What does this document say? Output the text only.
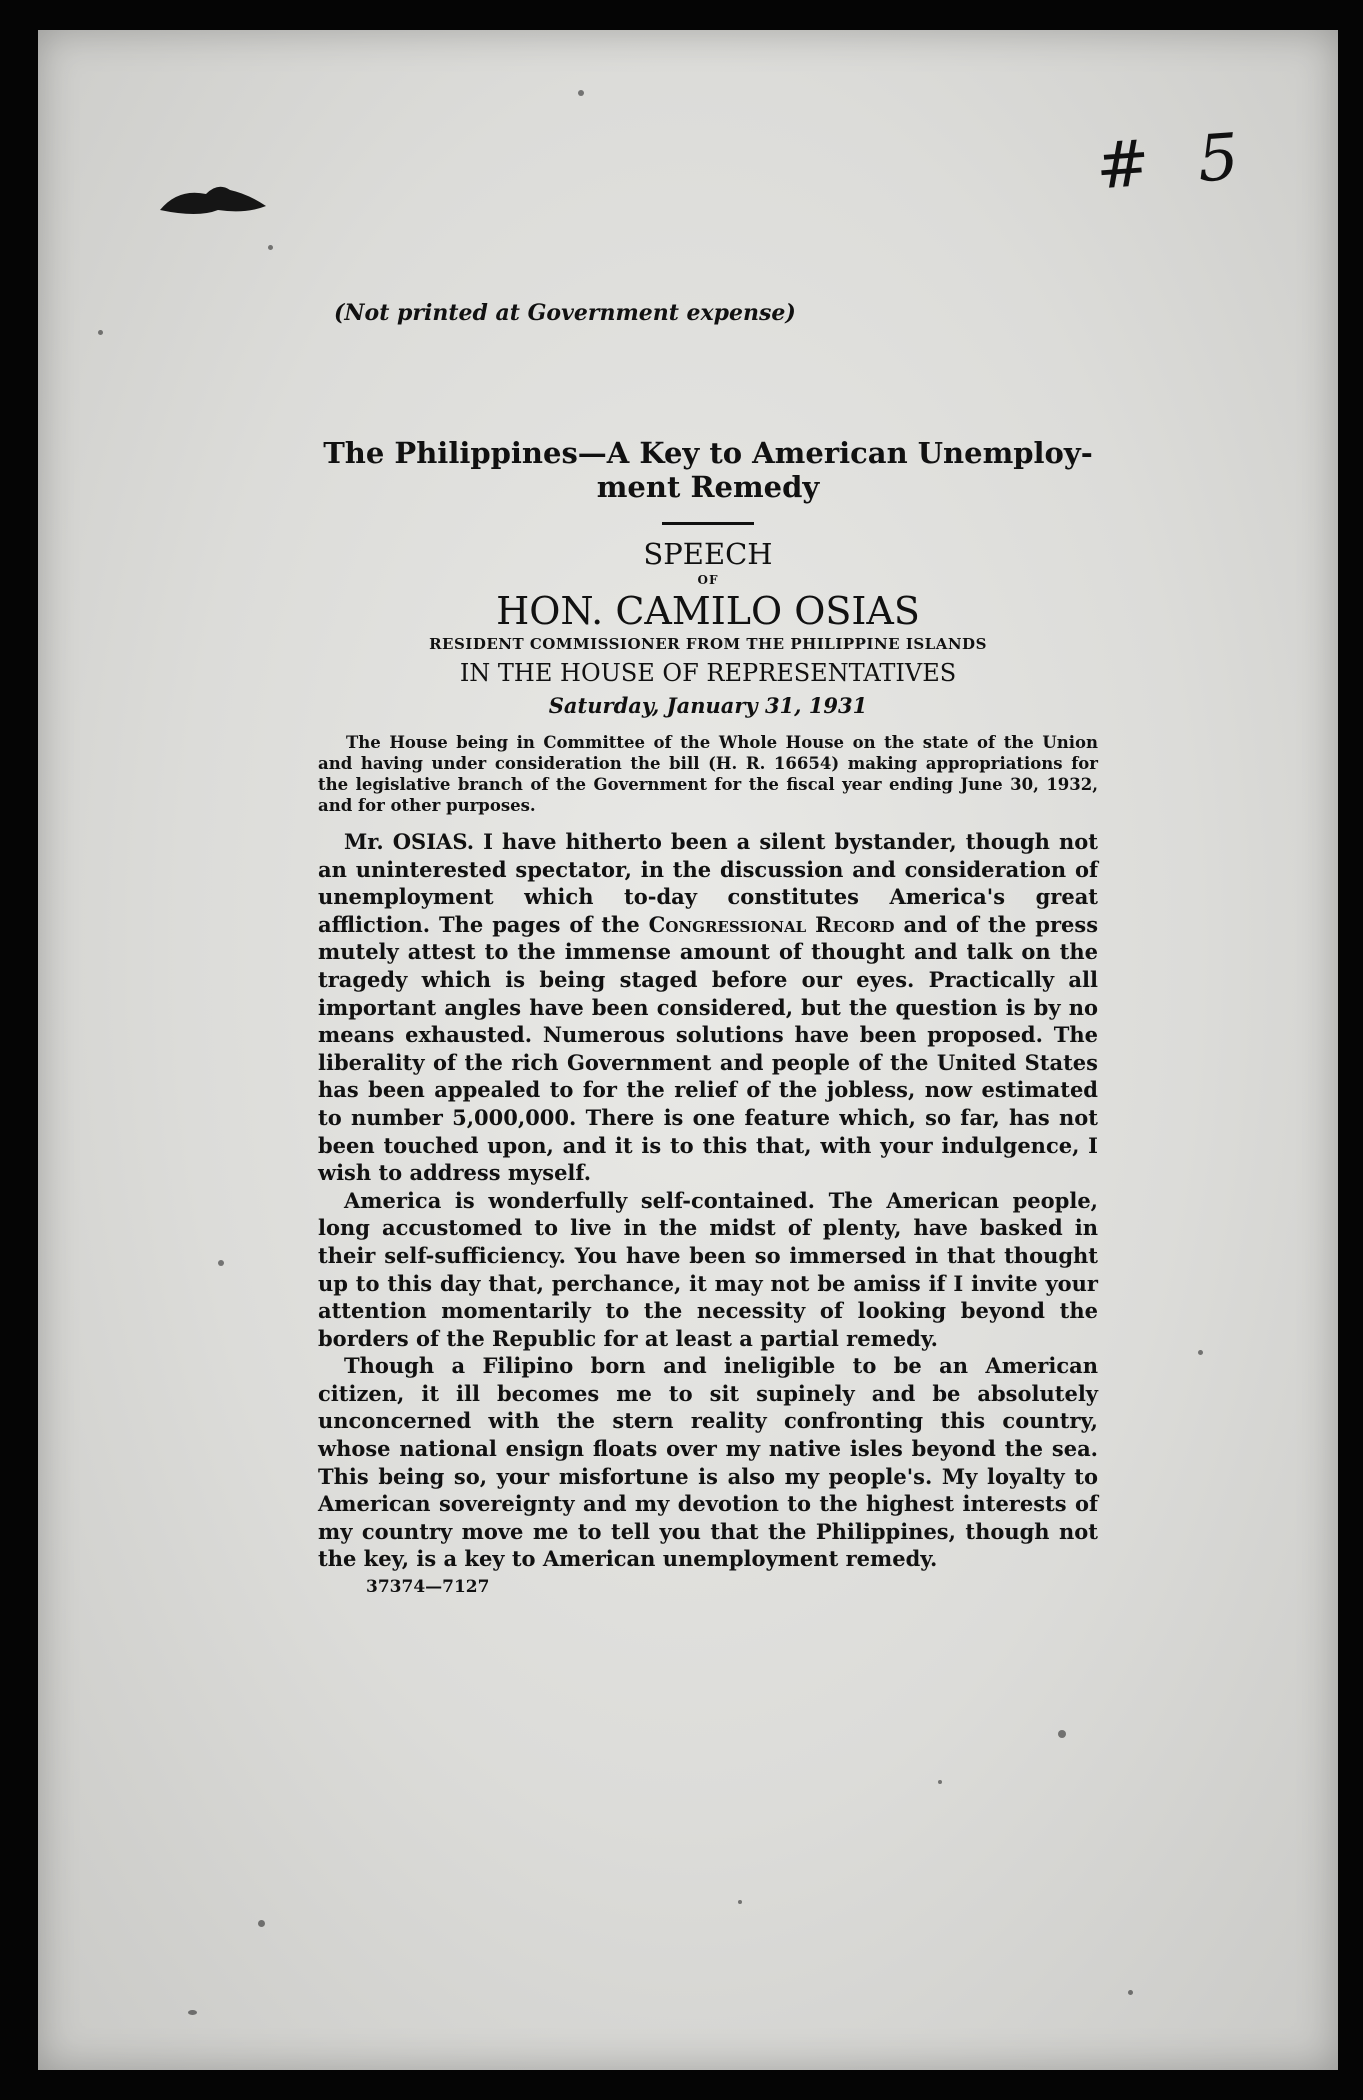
# 5
(Not printed at Government expense)
The Philippines—A Key to American Unemploy-
ment Remedy
SPEECH
OF
HON. CAMILO OSIAS
RESIDENT COMMISSIONER FROM THE PHILIPPINE ISLANDS
IN THE HOUSE OF REPRESENTATIVES
Saturday, January 31, 1931
The House being in Committee of the Whole House on the state of the Union and having under consideration the bill (H. R. 16654) making appropriations for the legislative branch of the Government for the fiscal year ending June 30, 1932, and for other purposes.

Mr. OSIAS. I have hitherto been a silent bystander, though not an uninterested spectator, in the discussion and consideration of unemployment which to-day constitutes America's great affliction. The pages of the Congressional Record and of the press mutely attest to the immense amount of thought and talk on the tragedy which is being staged before our eyes. Practically all important angles have been considered, but the question is by no means exhausted. Numerous solutions have been proposed. The liberality of the rich Government and people of the United States has been appealed to for the relief of the jobless, now estimated to number 5,000,000. There is one feature which, so far, has not been touched upon, and it is to this that, with your indulgence, I wish to address myself.

America is wonderfully self-contained. The American people, long accustomed to live in the midst of plenty, have basked in their self-sufficiency. You have been so immersed in that thought up to this day that, perchance, it may not be amiss if I invite your attention momentarily to the necessity of looking beyond the borders of the Republic for at least a partial remedy.

Though a Filipino born and ineligible to be an American citizen, it ill becomes me to sit supinely and be absolutely unconcerned with the stern reality confronting this country, whose national ensign floats over my native isles beyond the sea. This being so, your misfortune is also my people's. My loyalty to American sovereignty and my devotion to the highest interests of my country move me to tell you that the Philippines, though not the key, is a key to American unemployment remedy.

37374—7127
